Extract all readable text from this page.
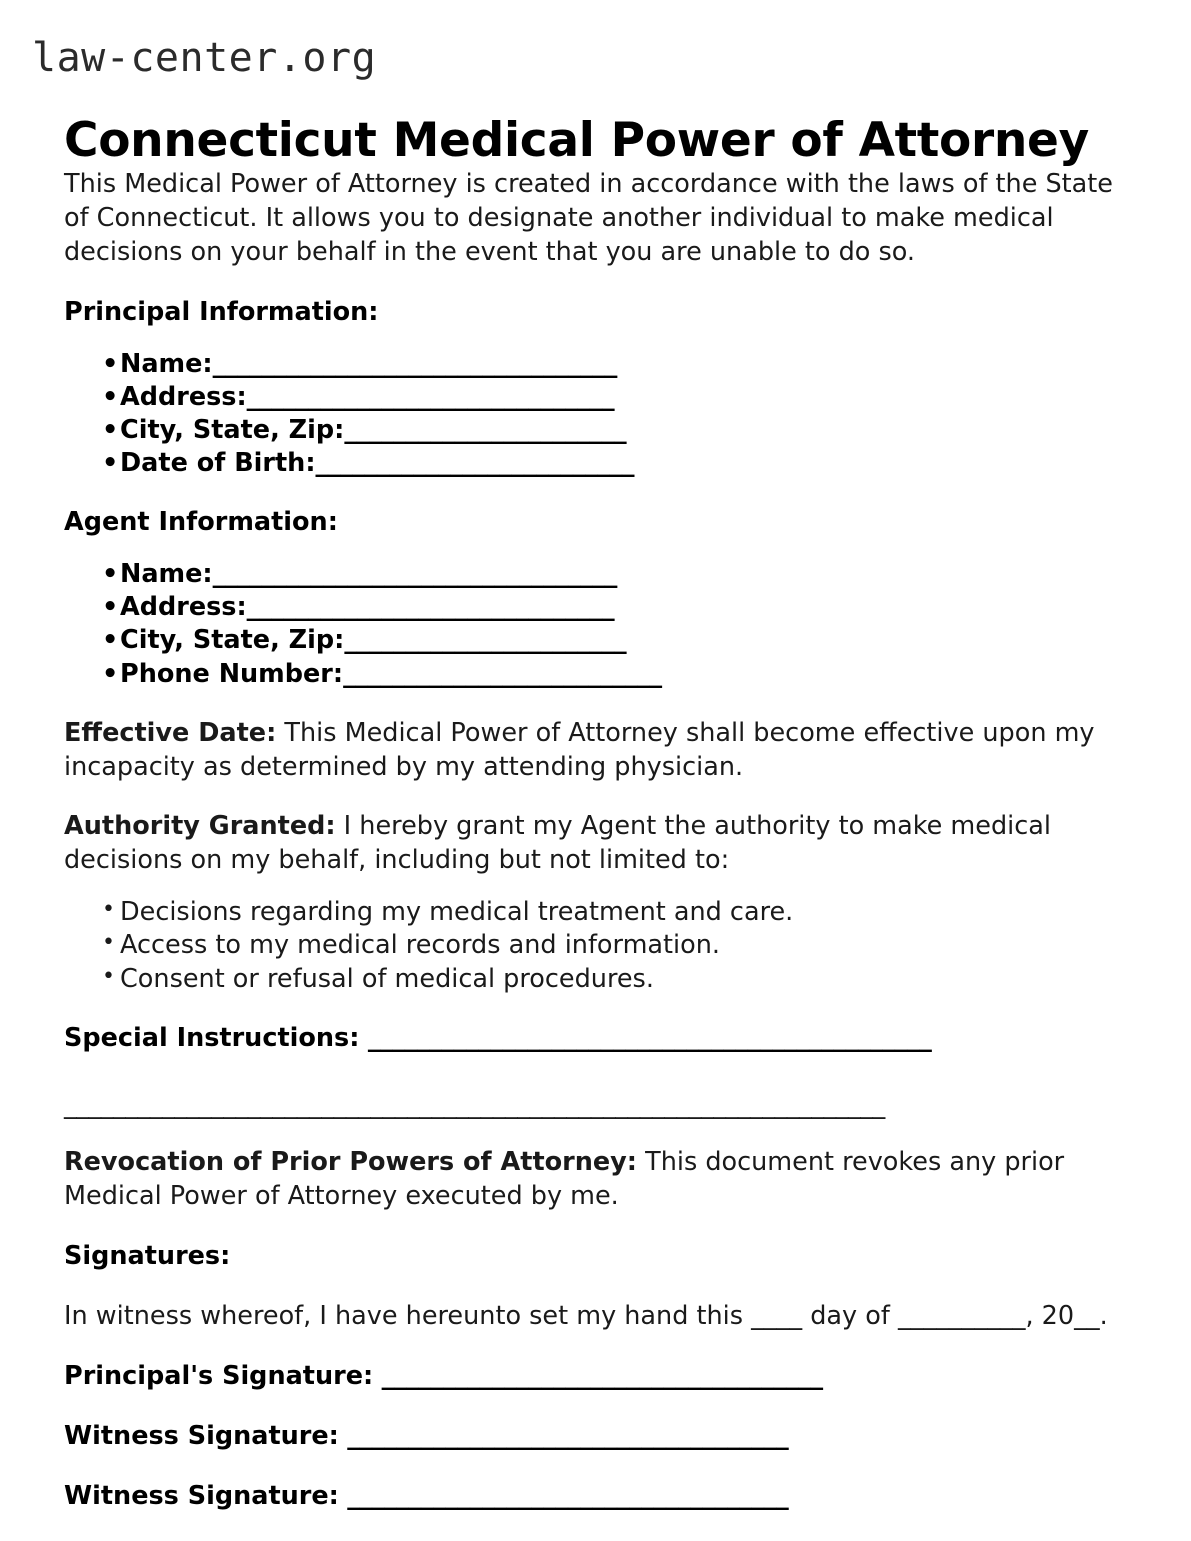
law-center.org
Connecticut Medical Power of Attorney

This Medical Power of Attorney is created in accordance with the laws of the State of Connecticut. It allows you to designate another individual to make medical decisions on your behalf in the event that you are unable to do so.

Principal Information:
• Name:_________________________________
• Address:______________________________
• City, State, Zip:_______________________
• Date of Birth:__________________________
Agent Information:
• Name:_________________________________
• Address:______________________________
• City, State, Zip:_______________________
• Phone Number:__________________________

Effective Date: This Medical Power of Attorney shall become effective upon my incapacity as determined by my attending physician.

Authority Granted: I hereby grant my Agent the authority to make medical decisions on my behalf, including but not limited to:

• Decisions regarding my medical treatment and care.
• Access to my medical records and information.
• Consent or refusal of medical procedures.
Special Instructions: ______________________________________________
___________________________________________________________________

Revocation of Prior Powers of Attorney: This document revokes any prior Medical Power of Attorney executed by me.

Signatures:

In witness whereof, I have hereunto set my hand this ____ day of __________, 20__.

Principal's Signature: ____________________________________
Witness Signature: ____________________________________
Witness Signature: ____________________________________
